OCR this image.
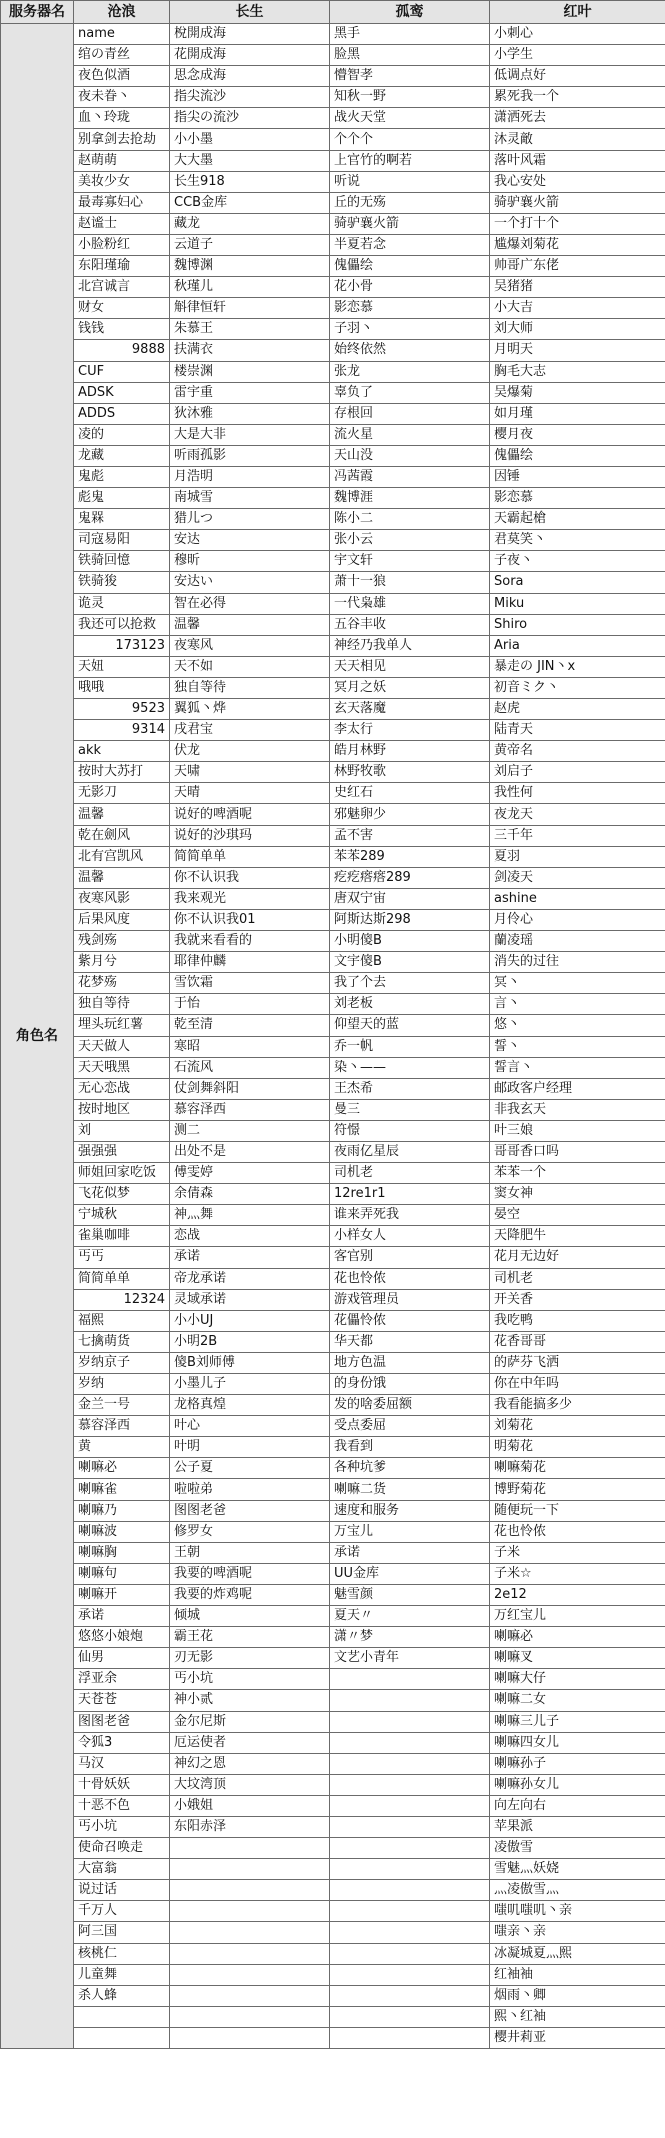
服务器名	沧浪	长生	孤鸾	红叶
角色名	name	梲開成海	黑手	小刺心
	绾の青丝	花開成海	脸黑	小学生
	夜色似酒	思念成海	懵智孝	低调点好
	夜未眷丶	指尖流沙	知秋一野	累死我一个
	血丶玲珑	指尖の流沙	战火天堂	潇洒死去
	别拿剑去抢劫	小小墨	个个个	沐灵敵
	赵萌萌	大大墨	上官竹的啊若	落叶风霜
	美妆少女	长生918	听说	我心安处
	最毒寡妇心	CCB金库	丘的无殇	骑驴襄火箭
	赵谧士	藏龙	骑驴襄火箭	一个打十个
	小脸粉红	云道子	半夏若念	尴爆刘菊花
	东阳瑾瑜	魏博渊	傀儡绘	帅哥广东佬
	北宫诚言	秋瑾儿	花小骨	吴猪猪
	财女	斛律恒轩	影恋慕	小大吉
	钱钱	朱慕王	子羽丶	刘大师
	9888	扶满衣	始终依然	月明天
	CUF	楼崇渊	张龙	胸毛大志
	ADSK	雷宇重	辜负了	吴爆菊
	ADDS	狄沐雅	存根回	如月瑾
	凌的	大是大非	流火星	樱月夜
	龙藏	听雨孤影	天山没	傀儡绘
	鬼彪	月浩明	冯茜霞	因锤
	彪鬼	南城雪	魏博涯	影恋慕
	鬼槑	猎儿つ	陈小二	天霸起槍
	司寇易阳	安达	张小云	君莫笑丶
	铁骑回憶	穆昕	宇文轩	子夜丶
	铁骑狻	安达い	萧十一狼	Sora
	诡灵	智在必得	一代枭雄	Miku
	我还可以抢救	温馨	五谷丰收	Shiro
	173123	夜寒风	神经乃我单人	Aria
	天妞	天不如	天天相见	暴走の JIN丶x
	哦哦	独自等待	冥月之妖	初音ミク丶
	9523	翼狐丶烨	玄天落魔	赵虎
	9314	戌君宝	李太行	陆青天
	akk	伏龙	皓月林野	黄帝名
	按时大苏打	天啸	林野牧歌	刘启子
	无影刀	天晴	史红石	我性何
	温馨	说好的啤酒呢	邪魅卵少	夜龙天
	乾在劍风	说好的沙琪玛	孟不害	三千年
	北有宫凯风	简简单单	苯苯289	夏羽
	温馨	你不认识我	疙疙瘩瘩289	剑凌天
	夜寒风影	我来观光	唐双宁宙	ashine
	后果风度	你不认识我01	阿斯达斯298	月伶心
	残剑殇	我就来看看的	小明傻B	蘭凌瑶
	紫月兮	耶律仲麟	文宇傻B	消失的过往
	花梦殇	雪饮霜	我了个去	冥丶
	独自等待	于怡	刘老板	言丶
	埋头玩红薯	乾至清	仰望天的蓝	悠丶
	天天做人	寒昭	乔一帆	誓丶
	天天哦黑	石流风	染丶——	誓言丶
	无心恋战	仗剑舞斜阳	王杰希	邮政客户经理
	按时地区	慕容泽西	曼三	非我玄天
	刘	测二	符憬	叶三娘
	强强强	出处不是	夜雨亿星辰	哥哥香口吗
	师姐回家吃饭	傅雯婷	司机老	苯苯一个
	飞花似梦	余倩森	12re1r1	窦女神
	宁城秋	神灬舞	谁来弄死我	晏空
	雀巢咖啡	恋战	小样女人	天降肥牛
	丐丐	承诺	客官别	花月无边好
	简简单单	帝龙承诺	花也怜侬	司机老
	12324	灵域承诺	游戏管理员	开关香
	福熙	小小UJ	花儡怜侬	我吃鸭
	七擒萌货	小明2B	华天都	花香哥哥
	岁纳京子	傻B刘师傅	地方色温	的萨芬飞洒
	岁纳	小墨儿子	的身份饿	你在中年吗
	金兰一号	龙格真煌	发的啥委屈额	我看能搞多少
	慕容泽西	叶心	受点委屈	刘菊花
	黄	叶明	我看到	明菊花
	喇嘛必	公子夏	各种坑爹	喇嘛菊花
	喇嘛雀	啦啦弟	喇嘛二货	博野菊花
	喇嘛乃	图图老爸	速度和服务	随便玩一下
	喇嘛波	修罗女	万宝儿	花也怜侬
	喇嘛胸	王朝	承诺	子米
	喇嘛句	我要的啤酒呢	UU金库	子米☆
	喇嘛开	我要的炸鸡呢	魅雪颜	2e12
	承诺	倾城	夏天〃	万红宝儿
	悠悠小娘炮	霸王花	潇〃梦	喇嘛必
	仙男	刃无影	文艺小青年	喇嘛叉
	浮亚余	丐小坑		喇嘛大仔
	天苍苍	神小贰		喇嘛二女
	图图老爸	金尔尼斯		喇嘛三儿子
	令狐3	厄运使者		喇嘛四女儿
	马汉	神幻之恩		喇嘛孙子
	十骨妖妖	大坟湾顶		喇嘛孙女儿
	十恶不色	小娥姐		向左向右
	丐小坑	东阳赤泽		苹果派
	使命召唤走			凌傲雪
	大富翁			雪魅灬妖娆
	说过话			灬凌傲雪灬
	千万人			嗤叽嗤叽丶亲
	阿三国			嗤亲丶亲
	核桃仁			冰凝城夏灬熙
	儿童舞			红袖袖
	杀人蜂			烟雨丶卿
				熙丶红袖
				樱井莉亚
